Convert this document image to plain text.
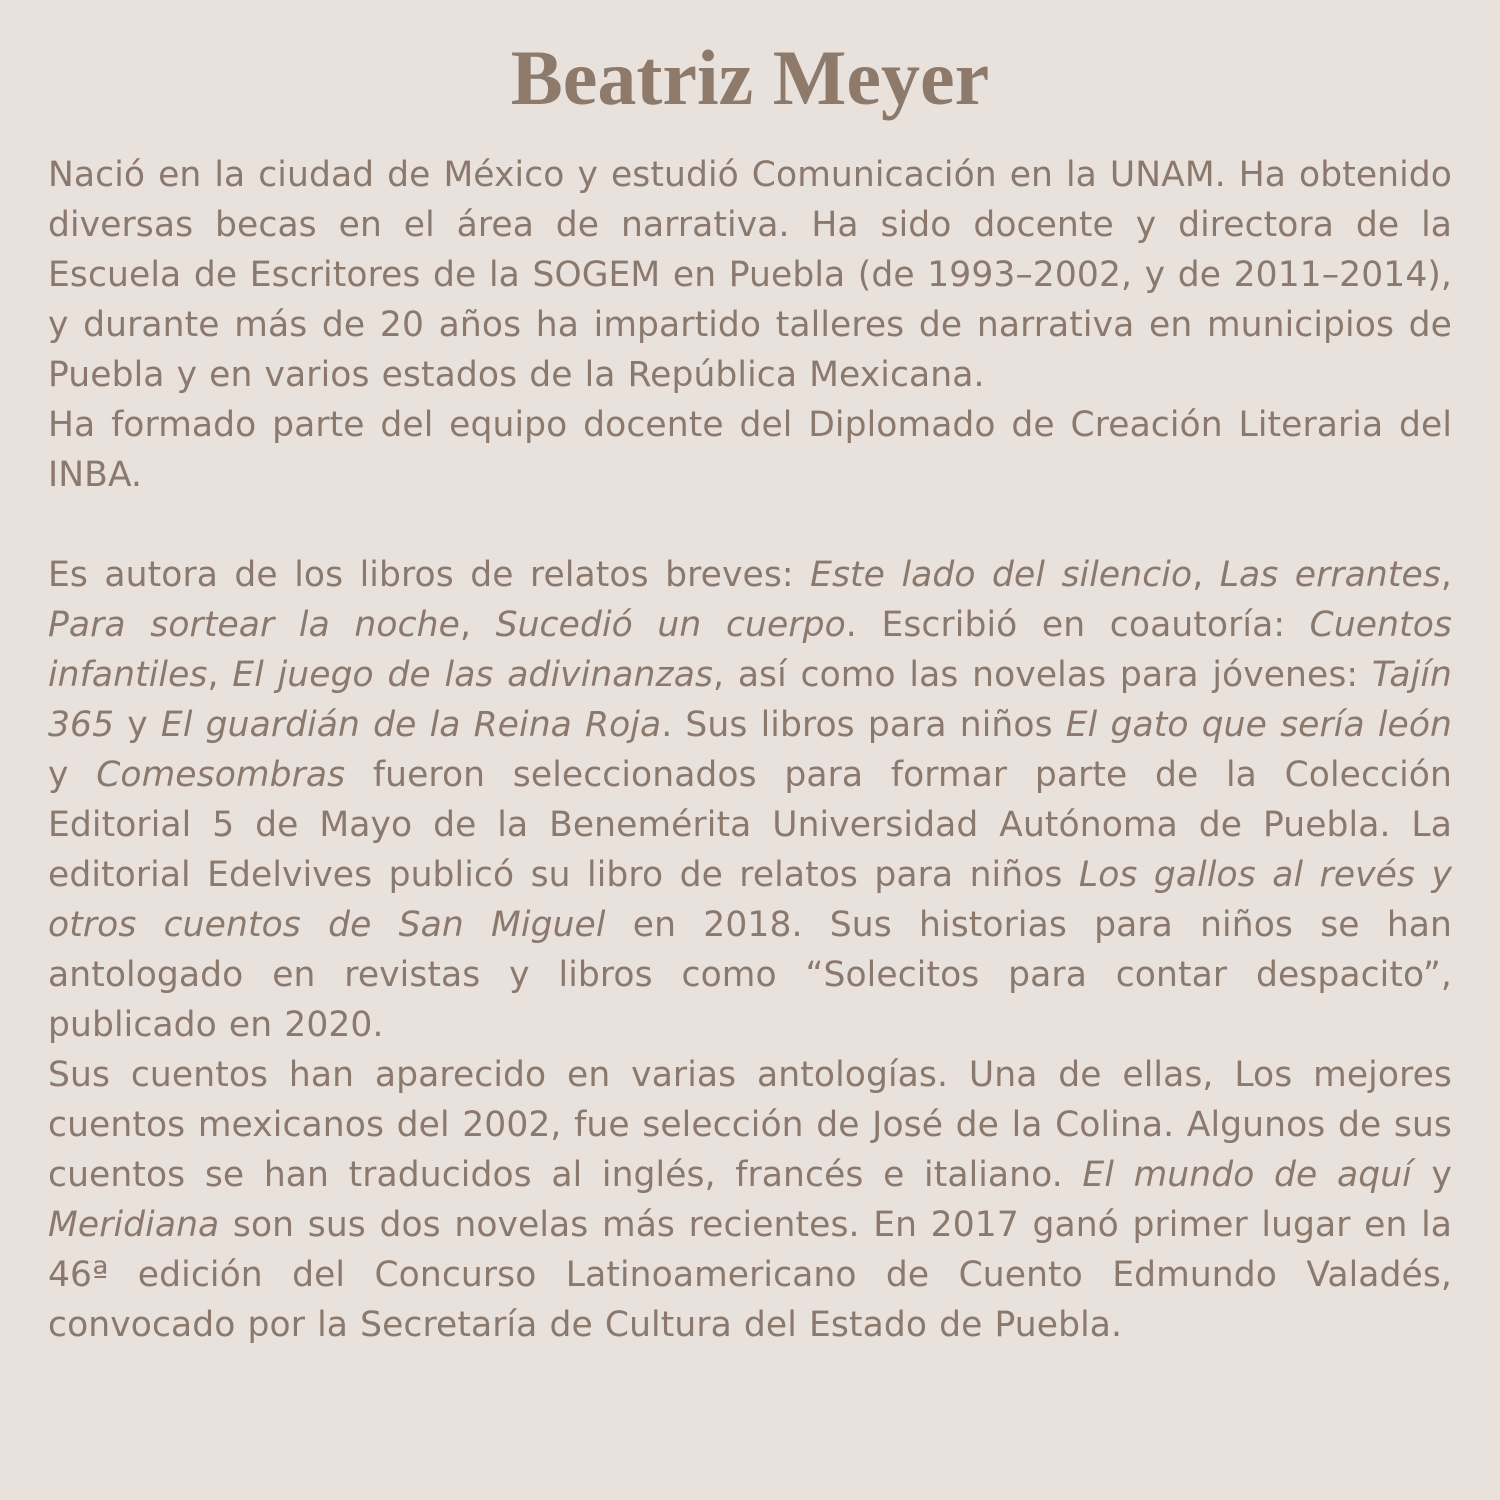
Beatriz Meyer

Nació en la ciudad de México y estudió Comunicación en la UNAM. Ha obtenido diversas becas en el área de narrativa. Ha sido docente y directora de la Escuela de Escritores de la SOGEM en Puebla (de 1993–2002, y de 2011–2014), y durante más de 20 años ha impartido talleres de narrativa en municipios de Puebla y en varios estados de la República Mexicana.

Ha formado parte del equipo docente del Diplomado de Creación Literaria del INBA.

Es autora de los libros de relatos breves: Este lado del silencio, Las errantes, Para sortear la noche, Sucedió un cuerpo. Escribió en coautoría: Cuentos infantiles, El juego de las adivinanzas, así como las novelas para jóvenes: Tajín 365 y El guardián de la Reina Roja. Sus libros para niños El gato que sería león y Comesombras fueron seleccionados para formar parte de la Colección Editorial 5 de Mayo de la Benemérita Universidad Autónoma de Puebla. La editorial Edelvives publicó su libro de relatos para niños Los gallos al revés y otros cuentos de San Miguel en 2018. Sus historias para niños se han antologado en revistas y libros como “Solecitos para contar despacito”, publicado en 2020.

Sus cuentos han aparecido en varias antologías. Una de ellas, Los mejores cuentos mexicanos del 2002, fue selección de José de la Colina. Algunos de sus cuentos se han traducidos al inglés, francés e italiano. El mundo de aquí y Meridiana son sus dos novelas más recientes. En 2017 ganó primer lugar en la 46ª edición del Concurso Latinoamericano de Cuento Edmundo Valadés, convocado por la Secretaría de Cultura del Estado de Puebla.
